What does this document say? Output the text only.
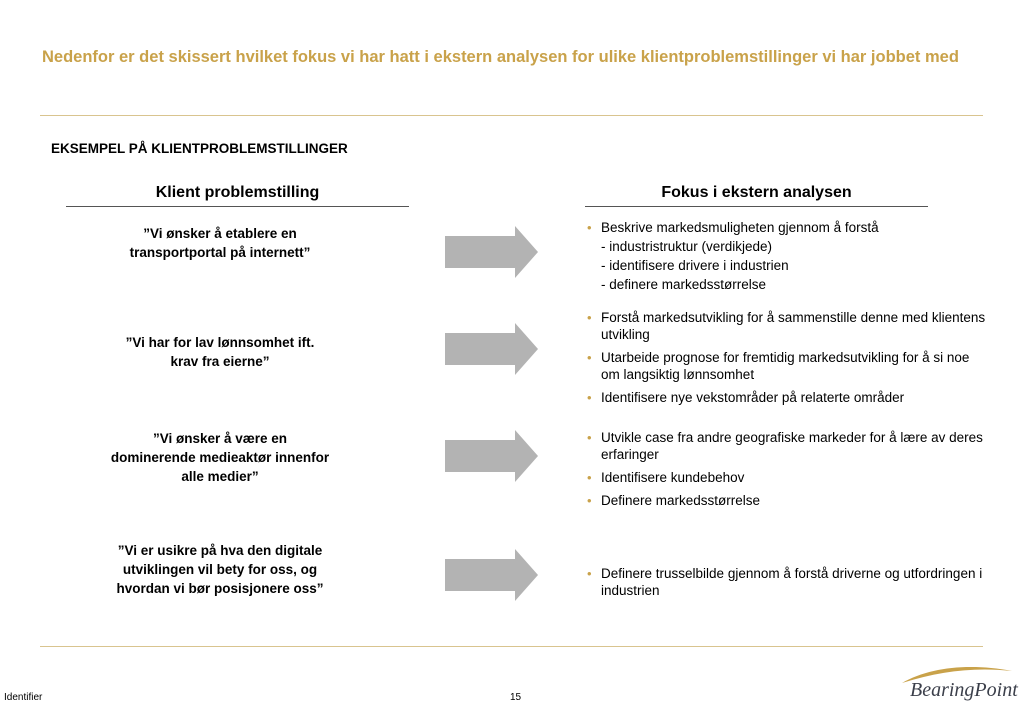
Nedenfor er det skissert hvilket fokus vi har hatt i ekstern analysen for ulike klientproblemstillinger vi har jobbet med
EKSEMPEL PÅ KLIENTPROBLEMSTILLINGER
Klient problemstilling	Fokus i ekstern analysen
”Vi ønsker å etablere en transportportal på internett”
• Beskrive markedsmuligheten gjennom å forstå
- industristruktur (verdikjede)
- identifisere drivere i industrien
- definere markedsstørrelse
”Vi har for lav lønnsomhet ift. krav fra eierne”
• Forstå markedsutvikling for å sammenstille denne med klientens utvikling
• Utarbeide prognose for fremtidig markedsutvikling for å si noe om langsiktig lønnsomhet
• Identifisere nye vekstområder på relaterte områder
”Vi ønsker å være en dominerende medieaktør innenfor alle medier”
• Utvikle case fra andre geografiske markeder for å lære av deres erfaringer
• Identifisere kundebehov
• Definere markedsstørrelse
”Vi er usikre på hva den digitale utviklingen vil bety for oss, og hvordan vi bør posisjonere oss”
• Definere trusselbilde gjennom å forstå driverne og utfordringen i industrien
Identifier	15	BearingPoint
